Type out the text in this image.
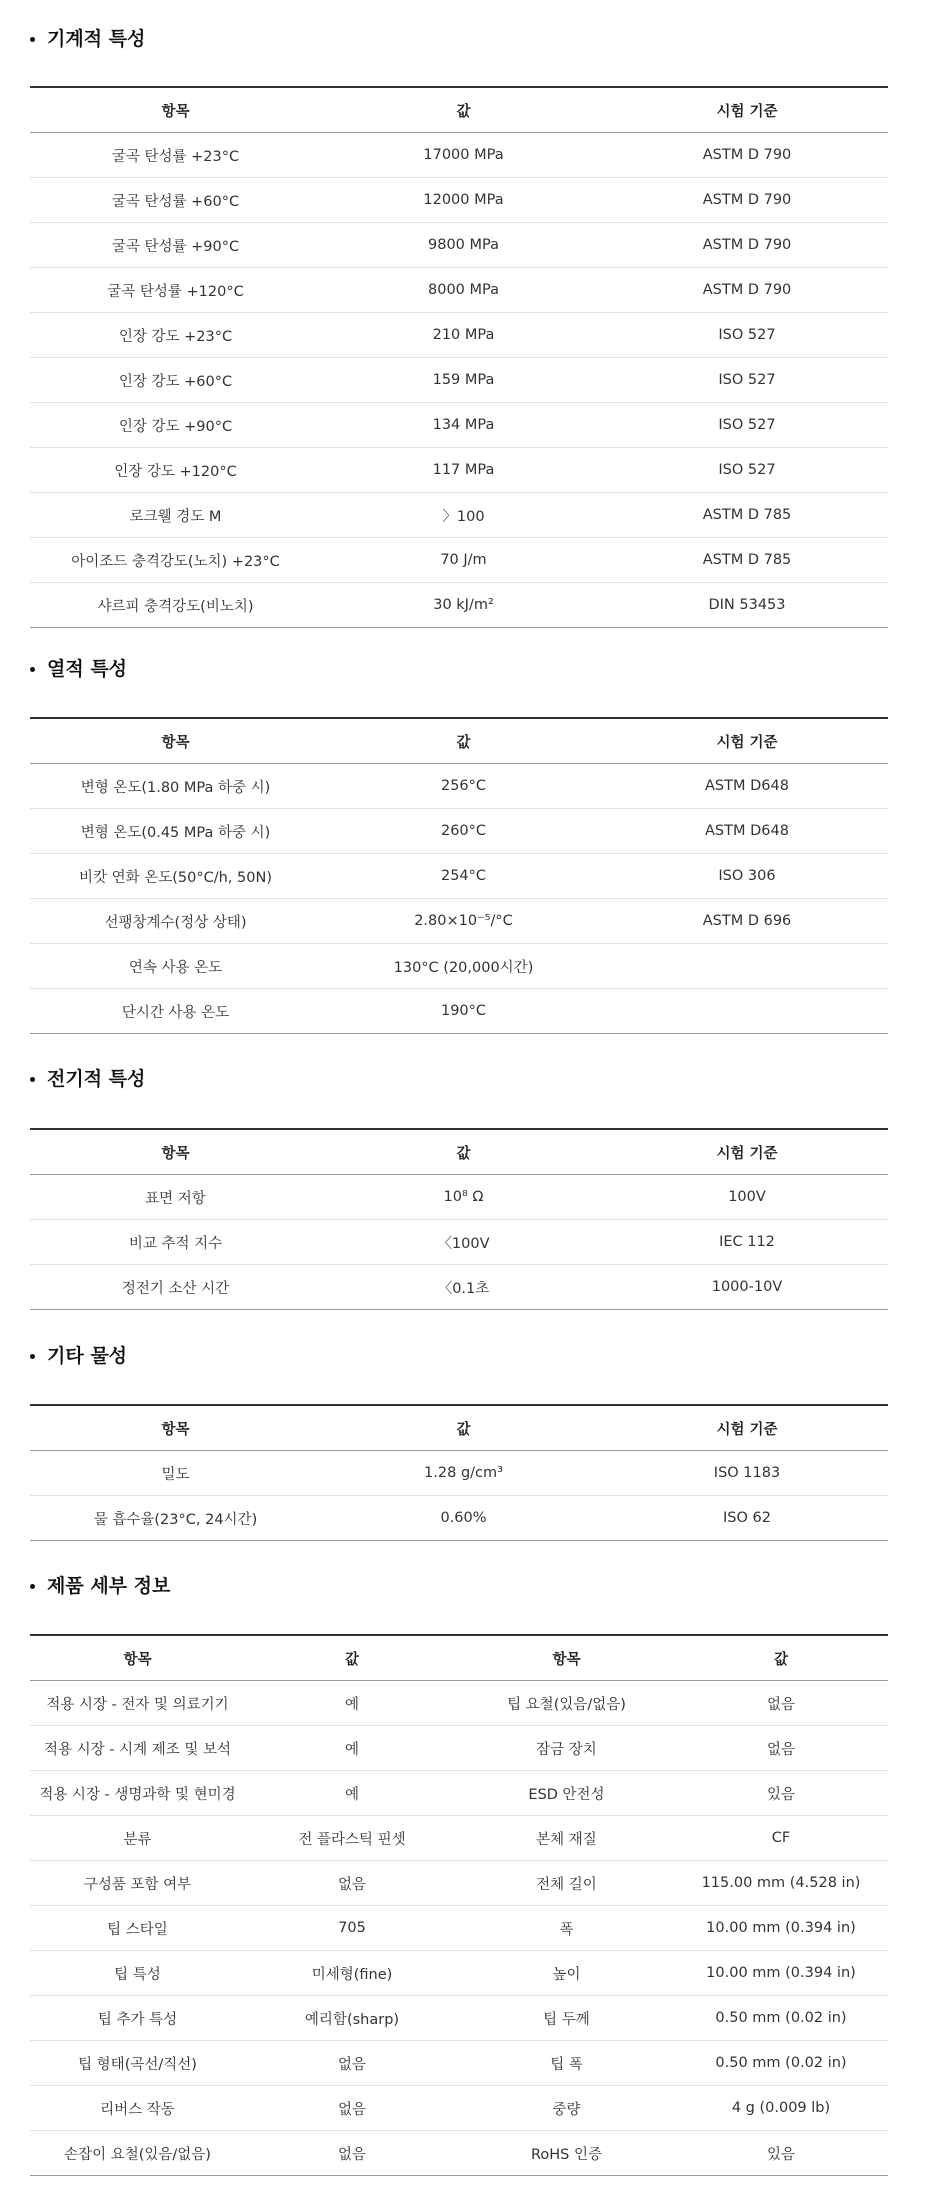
기계적 특성
항목	값	시험 기준
굴곡 탄성률 +23°C	17000 MPa	ASTM D 790
굴곡 탄성률 +60°C	12000 MPa	ASTM D 790
굴곡 탄성률 +90°C	9800 MPa	ASTM D 790
굴곡 탄성률 +120°C	8000 MPa	ASTM D 790
인장 강도 +23°C	210 MPa	ISO 527
인장 강도 +60°C	159 MPa	ISO 527
인장 강도 +90°C	134 MPa	ISO 527
인장 강도 +120°C	117 MPa	ISO 527
로크웰 경도 M	〉100	ASTM D 785
아이조드 충격강도(노치) +23°C	70 J/m	ASTM D 785
샤르피 충격강도(비노치)	30 kJ/m²	DIN 53453
열적 특성
항목	값	시험 기준
변형 온도(1.80 MPa 하중 시)	256°C	ASTM D648
변형 온도(0.45 MPa 하중 시)	260°C	ASTM D648
비캇 연화 온도(50°C/h, 50N)	254°C	ISO 306
선팽창계수(정상 상태)	2.80×10⁻⁵/°C	ASTM D 696
연속 사용 온도	130°C (20,000시간)	
단시간 사용 온도	190°C	
전기적 특성
항목	값	시험 기준
표면 저항	10⁸ Ω	100V
비교 추적 지수	〈100V	IEC 112
정전기 소산 시간	〈0.1초	1000-10V
기타 물성
항목	값	시험 기준
밀도	1.28 g/cm³	ISO 1183
물 흡수율(23°C, 24시간)	0.60%	ISO 62
제품 세부 정보
항목	값	항목	값
적용 시장 - 전자 및 의료기기	예	팁 요철(있음/없음)	없음
적용 시장 - 시계 제조 및 보석	예	잠금 장치	없음
적용 시장 - 생명과학 및 현미경	예	ESD 안전성	있음
분류	전 플라스틱 핀셋	본체 재질	CF
구성품 포함 여부	없음	전체 길이	115.00 mm (4.528 in)
팁 스타일	705	폭	10.00 mm (0.394 in)
팁 특성	미세형(fine)	높이	10.00 mm (0.394 in)
팁 추가 특성	예리함(sharp)	팁 두께	0.50 mm (0.02 in)
팁 형태(곡선/직선)	없음	팁 폭	0.50 mm (0.02 in)
리버스 작동	없음	중량	4 g (0.009 lb)
손잡이 요철(있음/없음)	없음	RoHS 인증	있음
